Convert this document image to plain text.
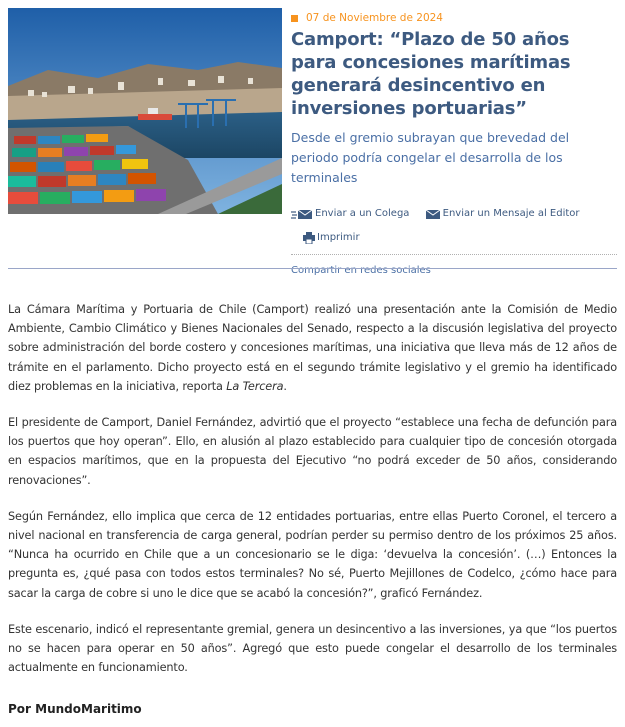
07 de Noviembre de 2024
Camport: “Plazo de 50 años para concesiones marítimas generará desincentivo en inversiones portuarias”

Desde el gremio subrayan que brevedad del periodo podría congelar el desarrolla de los terminales

Enviar a un Colega
	Enviar un Mensaje al Editor

Imprimir
Compartir en redes sociales

La Cámara Marítima y Portuaria de Chile (Camport) realizó una presentación ante la Comisión de Medio Ambiente, Cambio Climático y Bienes Nacionales del Senado, respecto a la discusión legislativa del proyecto sobre administración del borde costero y concesiones marítimas, una iniciativa que lleva más de 12 años de trámite en el parlamento. Dicho proyecto está en el segundo trámite legislativo y el gremio ha identificado diez problemas en la iniciativa, reporta La Tercera.

El presidente de Camport, Daniel Fernández, advirtió que el proyecto “establece una fecha de defunción para los puertos que hoy operan”. Ello, en alusión al plazo establecido para cualquier tipo de concesión otorgada en espacios marítimos, que en la propuesta del Ejecutivo “no podrá exceder de 50 años, considerando renovaciones”.

Según Fernández, ello implica que cerca de 12 entidades portuarias, entre ellas Puerto Coronel, el tercero a nivel nacional en transferencia de carga general, podrían perder su permiso dentro de los próximos 25 años. “Nunca ha ocurrido en Chile que a un concesionario se le diga: ‘devuelva la concesión’. (…) Entonces la pregunta es, ¿qué pasa con todos estos terminales? No sé, Puerto Mejillones de Codelco, ¿cómo hace para sacar la carga de cobre si uno le dice que se acabó la concesión?”, graficó Fernández.

Este escenario, indicó el representante gremial, genera un desincentivo a las inversiones, ya que “los puertos no se hacen para operar en 50 años”. Agregó que esto puede congelar el desarrollo de los terminales actualmente en funcionamiento.

Por MundoMaritimo
